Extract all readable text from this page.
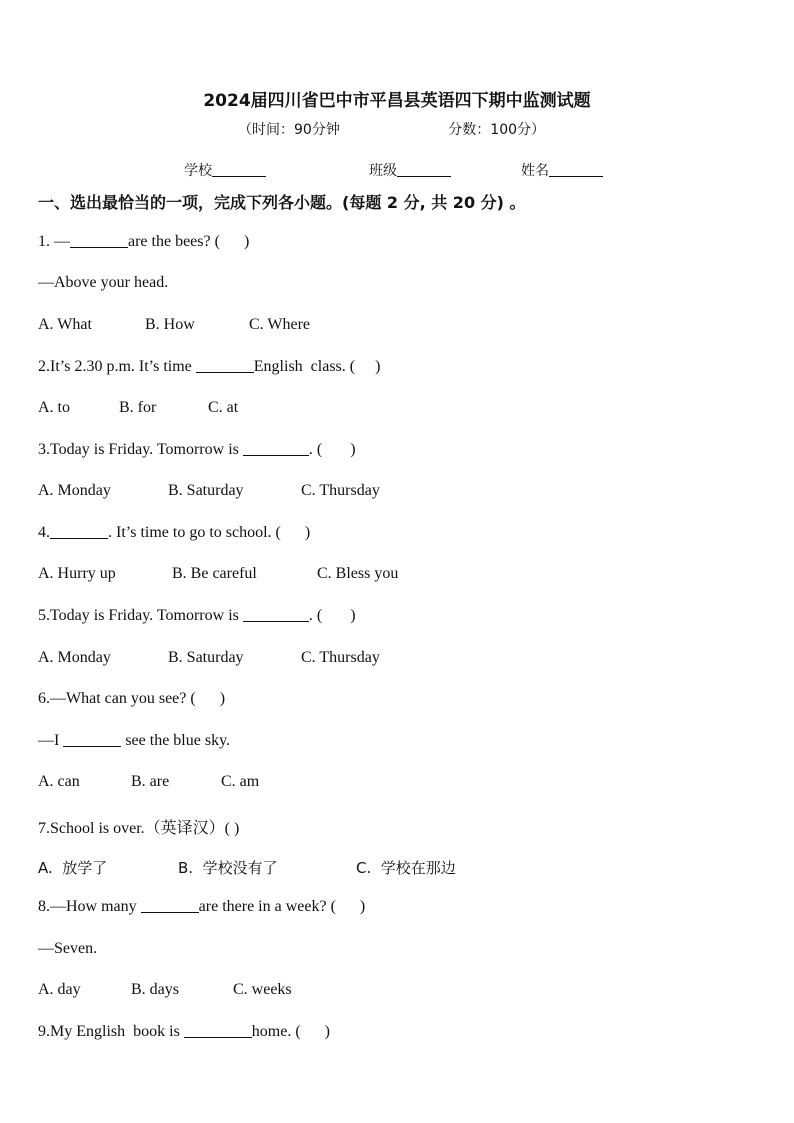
2024届四川省巴中市平昌县英语四下期中监测试题
（时间：90分钟	分数：100分）
学校	班级	姓名
一、选出最恰当的一项，完成下列各小题。(每题 2 分, 共 20 分) 。
1. —	are the bees? (      )
—Above your head.
A. What	B. How	C. Where
2.It’s 2.30 p.m. It’s time	English  class. (     )
A. to	B. for	C. at
3.Today is Friday. Tomorrow is	. (       )
A. Monday	B. Saturday	C. Thursday
4.	. It’s time to go to school. (      )
A. Hurry up	B. Be careful	C. Bless you
5.Today is Friday. Tomorrow is	. (       )
A. Monday	B. Saturday	C. Thursday
6.—What can you see? (      )
—I	see the blue sky.
A. can	B. are	C. am
7.School is over.（英译汉）( )
A.  放学了	B.  学校没有了	C.  学校在那边
8.—How many	are there in a week? (      )
—Seven.
A. day	B. days	C. weeks
9.My English  book is	home. (      )
